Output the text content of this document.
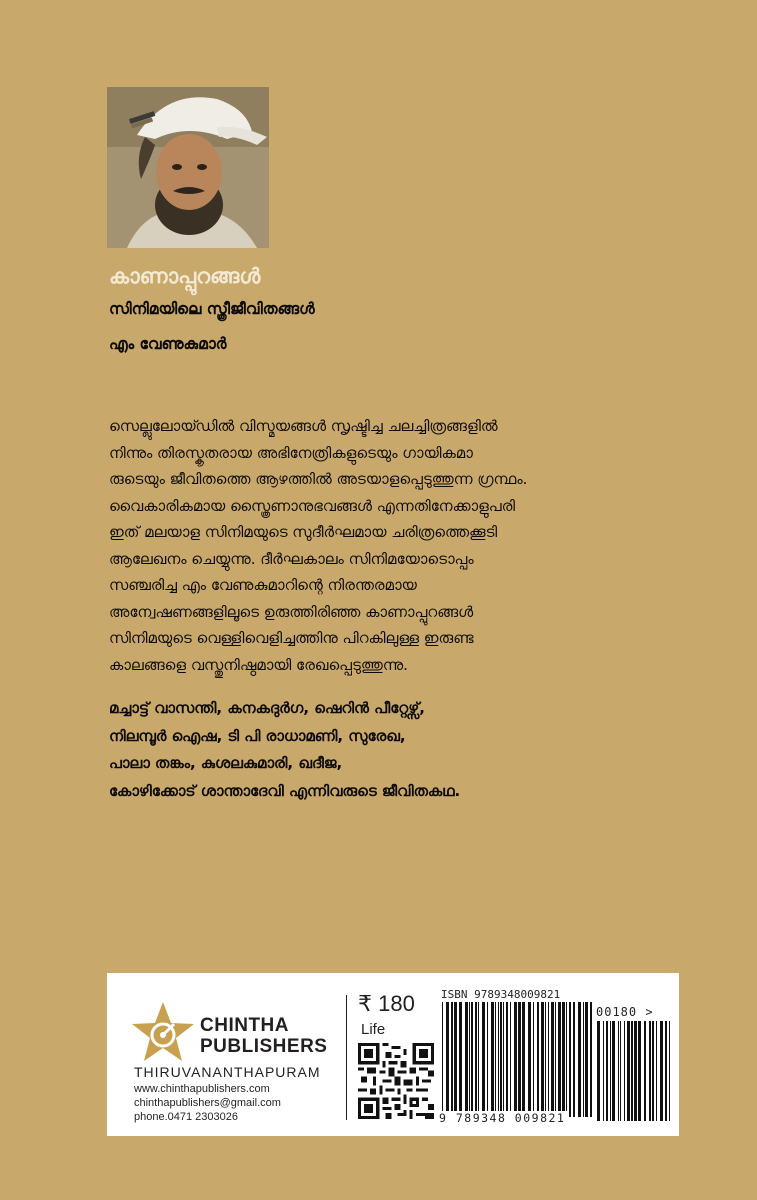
കാണാപ്പുറങ്ങൾ
സിനിമയിലെ സ്ത്രീജീവിതങ്ങൾ
എം വേണുകുമാർ
സെല്ലുലോയ്ഡിൽ വിസ്മയങ്ങൾ സൃഷ്ടിച്ച ചലച്ചിത്രങ്ങളിൽ
നിന്നും തിരസ്കൃതരായ അഭിനേത്രികളുടെയും ഗായികമാ
രുടെയും ജീവിതത്തെ ആഴത്തിൽ അടയാളപ്പെടുത്തുന്ന ഗ്രന്ഥം.
വൈകാരികമായ സ്ത്രൈണാനുഭവങ്ങൾ എന്നതിനേക്കാളുപരി
ഇത് മലയാള സിനിമയുടെ സുദീർഘമായ ചരിത്രത്തെക്കൂടി
ആലേഖനം ചെയ്യുന്നു. ദീർഘകാലം സിനിമയോടൊപ്പം
സഞ്ചരിച്ച എം വേണുകുമാറിന്റെ നിരന്തരമായ
അന്വേഷണങ്ങളിലൂടെ ഉരുത്തിരിഞ്ഞ കാണാപ്പുറങ്ങൾ
സിനിമയുടെ വെള്ളിവെളിച്ചത്തിനു പിറകിലുള്ള ഇരുണ്ട
കാലങ്ങളെ വസ്തുനിഷ്ഠമായി രേഖപ്പെടുത്തുന്നു.
മച്ചാട്ട് വാസന്തി, കനകദുർഗ, ഷെറിൻ പീറ്റേഴ്സ്,
നിലമ്പൂർ ഐഷ, ടി പി രാധാമണി, സുരേഖ,
പാലാ തങ്കം, കുശലകുമാരി, ഖദീജ,
കോഴിക്കോട് ശാന്താദേവി എന്നിവരുടെ ജീവിതകഥ.
CHINTHA
PUBLISHERS
THIRUVANANTHAPURAM
www.chinthapublishers.com
chinthapublishers@gmail.com
phone.0471 2303026
₹ 180
Life
ISBN 9789348009821
9 789348 009821
00180 >
